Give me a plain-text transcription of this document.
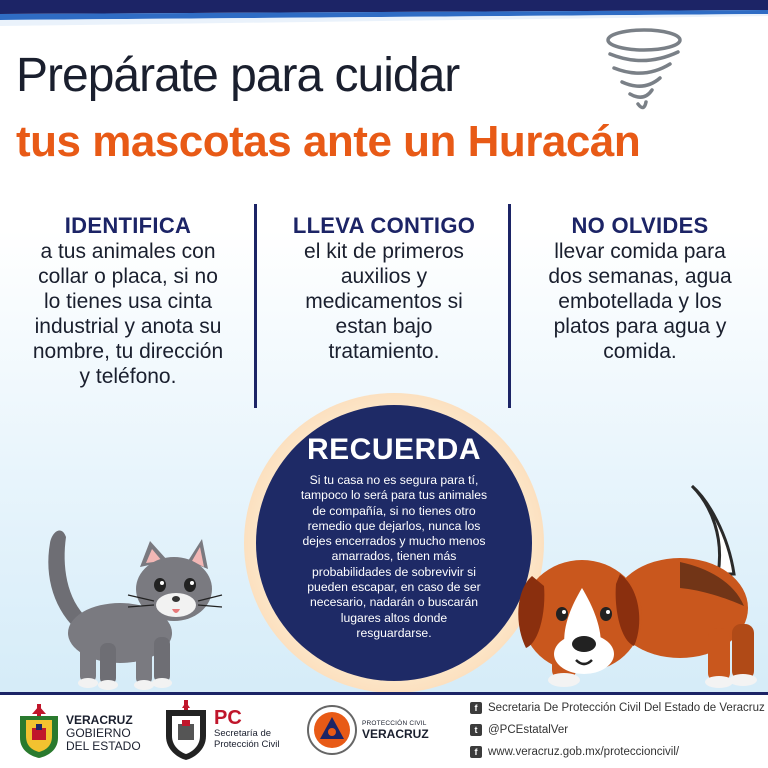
Prepárate para cuidar
tus mascotas ante un Huracán
IDENTIFICA
a tus animales con
collar o placa, si no
lo tienes usa cinta
industrial y anota su
nombre, tu dirección
y teléfono.
LLEVA CONTIGO
el kit de primeros
auxilios y
medicamentos si
estan bajo
tratamiento.
NO OLVIDES
llevar comida para
dos semanas, agua
embotellada y los
platos para agua y
comida.
RECUERDA
Si tu casa no es segura para tí,
tampoco lo será para tus animales
de compañía, si no tienes otro
remedio que dejarlos, nunca los
dejes encerrados y mucho menos
amarrados, tienen más
probabilidades de sobrevivir si
pueden escapar, en caso de ser
necesario, nadarán o buscarán
lugares altos donde
resguardarse.
VERACRUZ
GOBIERNO
DEL ESTADO
PC
Secretaría de
Protección Civil
PROTECCIÓN CIVIL
VERACRUZ
f Secretaria De Protección Civil Del Estado de Veracruz
t @PCEstatalVer
f www.veracruz.gob.mx/proteccioncivil/
